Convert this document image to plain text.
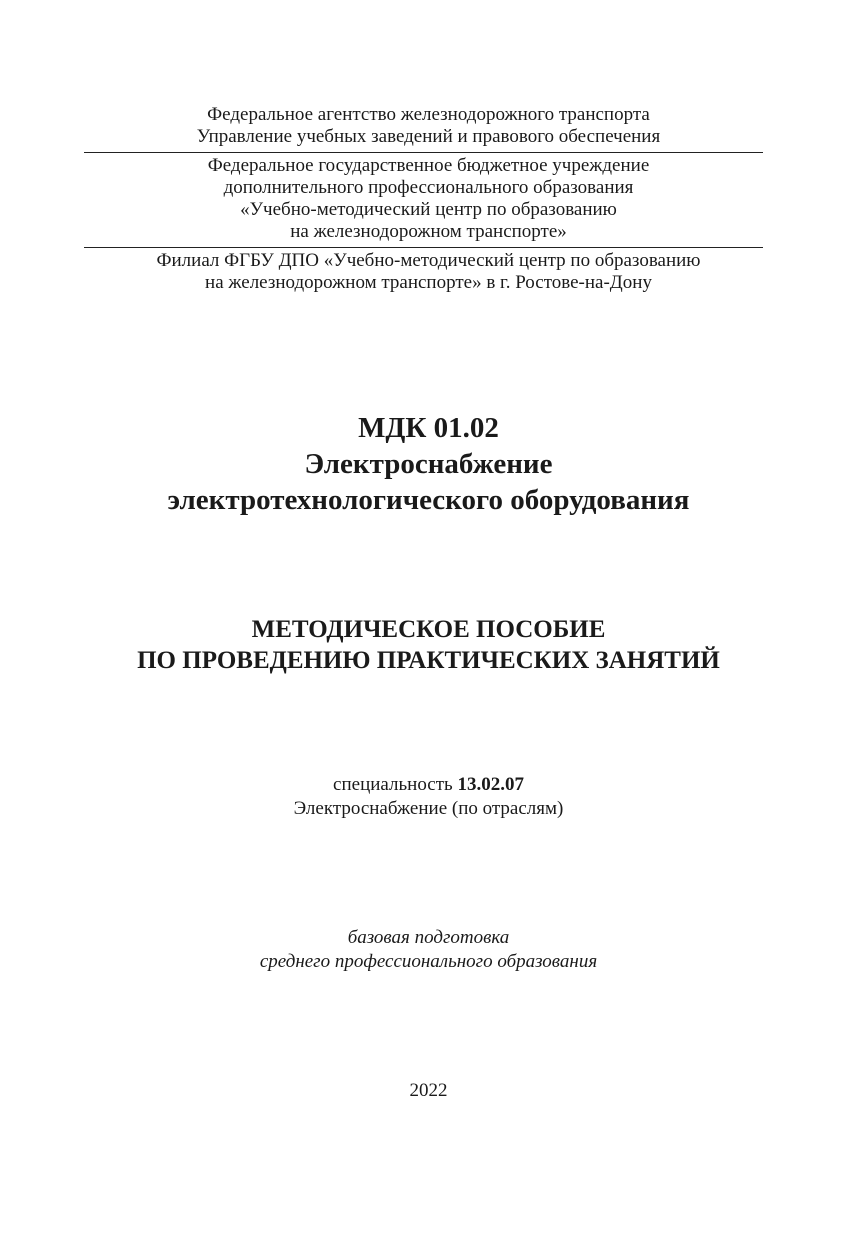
Федеральное агентство железнодорожного транспорта
Управление учебных заведений и правового обеспечения
Федеральное государственное бюджетное учреждение
дополнительного профессионального образования
«Учебно-методический центр по образованию
на железнодорожном транспорте»
Филиал ФГБУ ДПО «Учебно-методический центр по образованию
на железнодорожном транспорте» в г. Ростове-на-Дону
МДК 01.02
Электроснабжение
электротехнологического оборудования
МЕТОДИЧЕСКОЕ ПОСОБИЕ
ПО ПРОВЕДЕНИЮ ПРАКТИЧЕСКИХ ЗАНЯТИЙ
специальность 13.02.07
Электроснабжение (по отраслям)
базовая подготовка
среднего профессионального образования
2022
